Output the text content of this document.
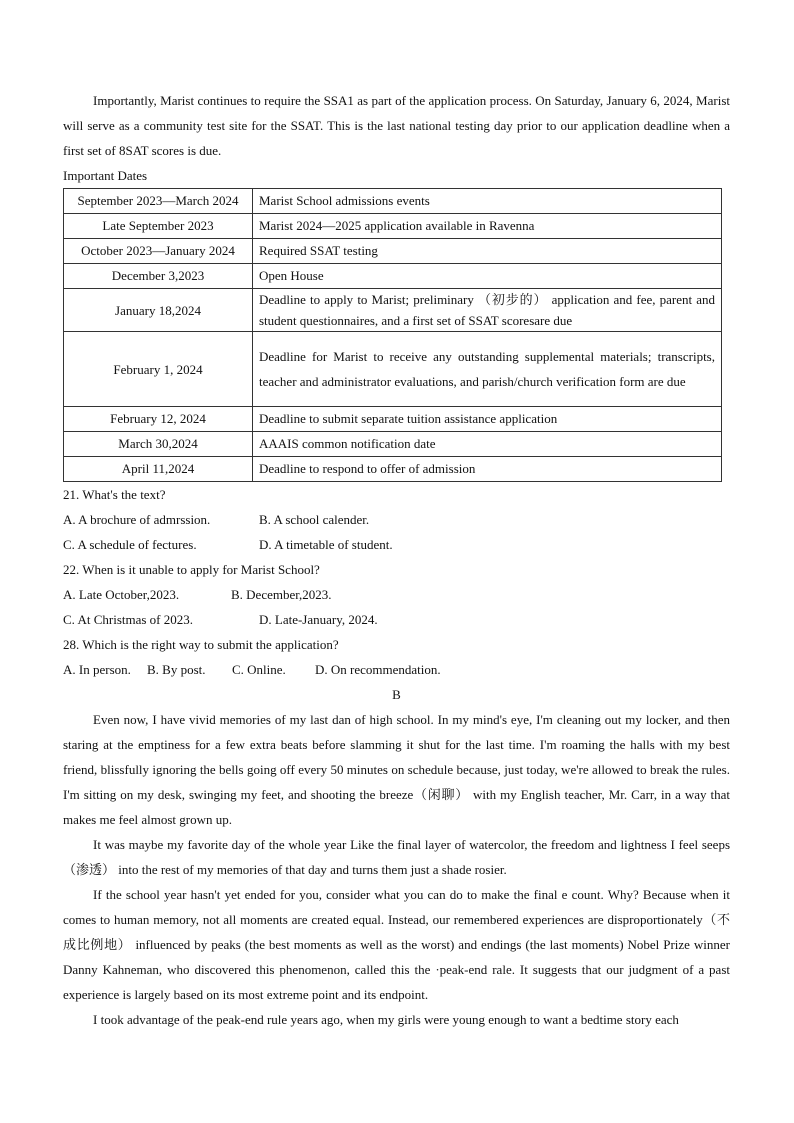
Importantly, Marist continues to require the SSA1 as part of the application process. On Saturday, January 6, 2024, Marist will serve as a community test site for the SSAT. This is the last national testing day prior to our application deadline when a first set of 8SAT scores is due.

Important Dates

September 2023—March 2024	Marist School admissions events
Late September 2023	Marist 2024—2025 application available in Ravenna
October 2023—January 2024	Required SSAT testing
December 3,2023	Open House
January 18,2024	Deadline to apply to Marist; preliminary （初步的） application and fee, parent and student questionnaires, and a first set of SSAT scoresare due
February 1, 2024	Deadline for Marist to receive any outstanding supplemental materials; transcripts, teacher and administrator evaluations, and parish/church verification form are due
February 12, 2024	Deadline to submit separate tuition assistance application
March 30,2024	AAAIS common notification date
April 11,2024	Deadline to respond to offer of admission

21. What's the text?

A. A brochure of admrssion.	B. A school calender.

C. A schedule of fectures.	D. A timetable of student.

22. When is it unable to apply for Marist School?

A. Late October,2023.	B. December,2023.

C. At Christmas of 2023.	D. Late-January, 2024.

28. Which is the right way to submit the application?

A. In person. B. By post. C. Online. D. On recommendation.

B

Even now, I have vivid memories of my last dan of high school. In my mind's eye, I'm cleaning out my locker, and then staring at the emptiness for a few extra beats before slamming it shut for the last time. I'm roaming the halls with my best friend, blissfully ignoring the bells going off every 50 minutes on schedule because, just today, we're allowed to break the rules. I'm sitting on my desk, swinging my feet, and shooting the breeze（闲聊） with my English teacher, Mr. Carr, in a way that makes me feel almost grown up.

It was maybe my favorite day of the whole year Like the final layer of watercolor, the freedom and lightness I feel seeps（渗透） into the rest of my memories of that day and turns them just a shade rosier.

If the school year hasn't yet ended for you, consider what you can do to make the final e count. Why? Because when it comes to human memory, not all moments are created equal. Instead, our remembered experiences are disproportionately（不成比例地） influenced by peaks (the best moments as well as the worst) and endings (the last moments) Nobel Prize winner Danny Kahneman, who discovered this phenomenon, called this the ·peak-end rale. It suggests that our judgment of a past experience is largely based on its most extreme point and its endpoint.

I took advantage of the peak-end rule years ago, when my girls were young enough to want a bedtime story each
